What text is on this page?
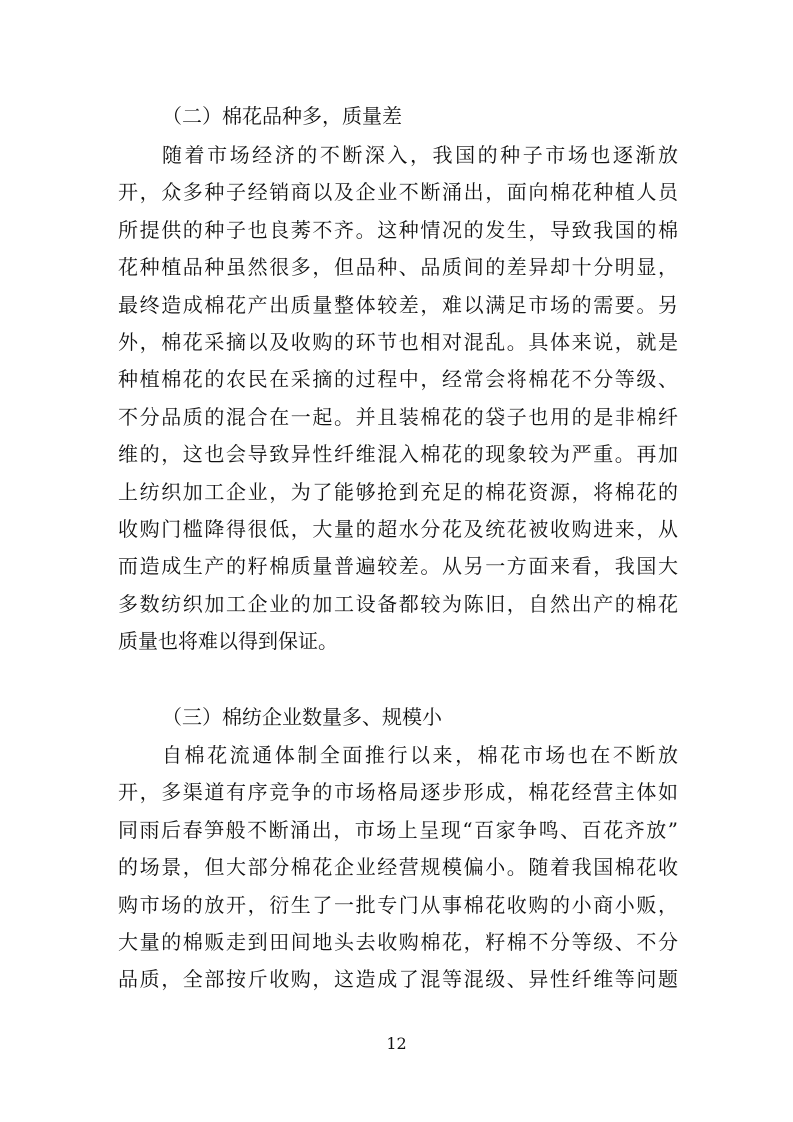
（二）棉花品种多，质量差
随着市场经济的不断深入，我国的种子市场也逐渐放
开，众多种子经销商以及企业不断涌出，面向棉花种植人员
所提供的种子也良莠不齐。这种情况的发生，导致我国的棉
花种植品种虽然很多，但品种、品质间的差异却十分明显，
最终造成棉花产出质量整体较差，难以满足市场的需要。另
外，棉花采摘以及收购的环节也相对混乱。具体来说，就是
种植棉花的农民在采摘的过程中，经常会将棉花不分等级、
不分品质的混合在一起。并且装棉花的袋子也用的是非棉纤
维的，这也会导致异性纤维混入棉花的现象较为严重。再加
上纺织加工企业，为了能够抢到充足的棉花资源，将棉花的
收购门槛降得很低，大量的超水分花及统花被收购进来，从
而造成生产的籽棉质量普遍较差。从另一方面来看，我国大
多数纺织加工企业的加工设备都较为陈旧，自然出产的棉花
质量也将难以得到保证。
（三）棉纺企业数量多、规模小
自棉花流通体制全面推行以来，棉花市场也在不断放
开，多渠道有序竞争的市场格局逐步形成，棉花经营主体如
同雨后春笋般不断涌出，市场上呈现“百家争鸣、百花齐放”
的场景，但大部分棉花企业经营规模偏小。随着我国棉花收
购市场的放开，衍生了一批专门从事棉花收购的小商小贩，
大量的棉贩走到田间地头去收购棉花，籽棉不分等级、不分
品质，全部按斤收购，这造成了混等混级、异性纤维等问题
12
